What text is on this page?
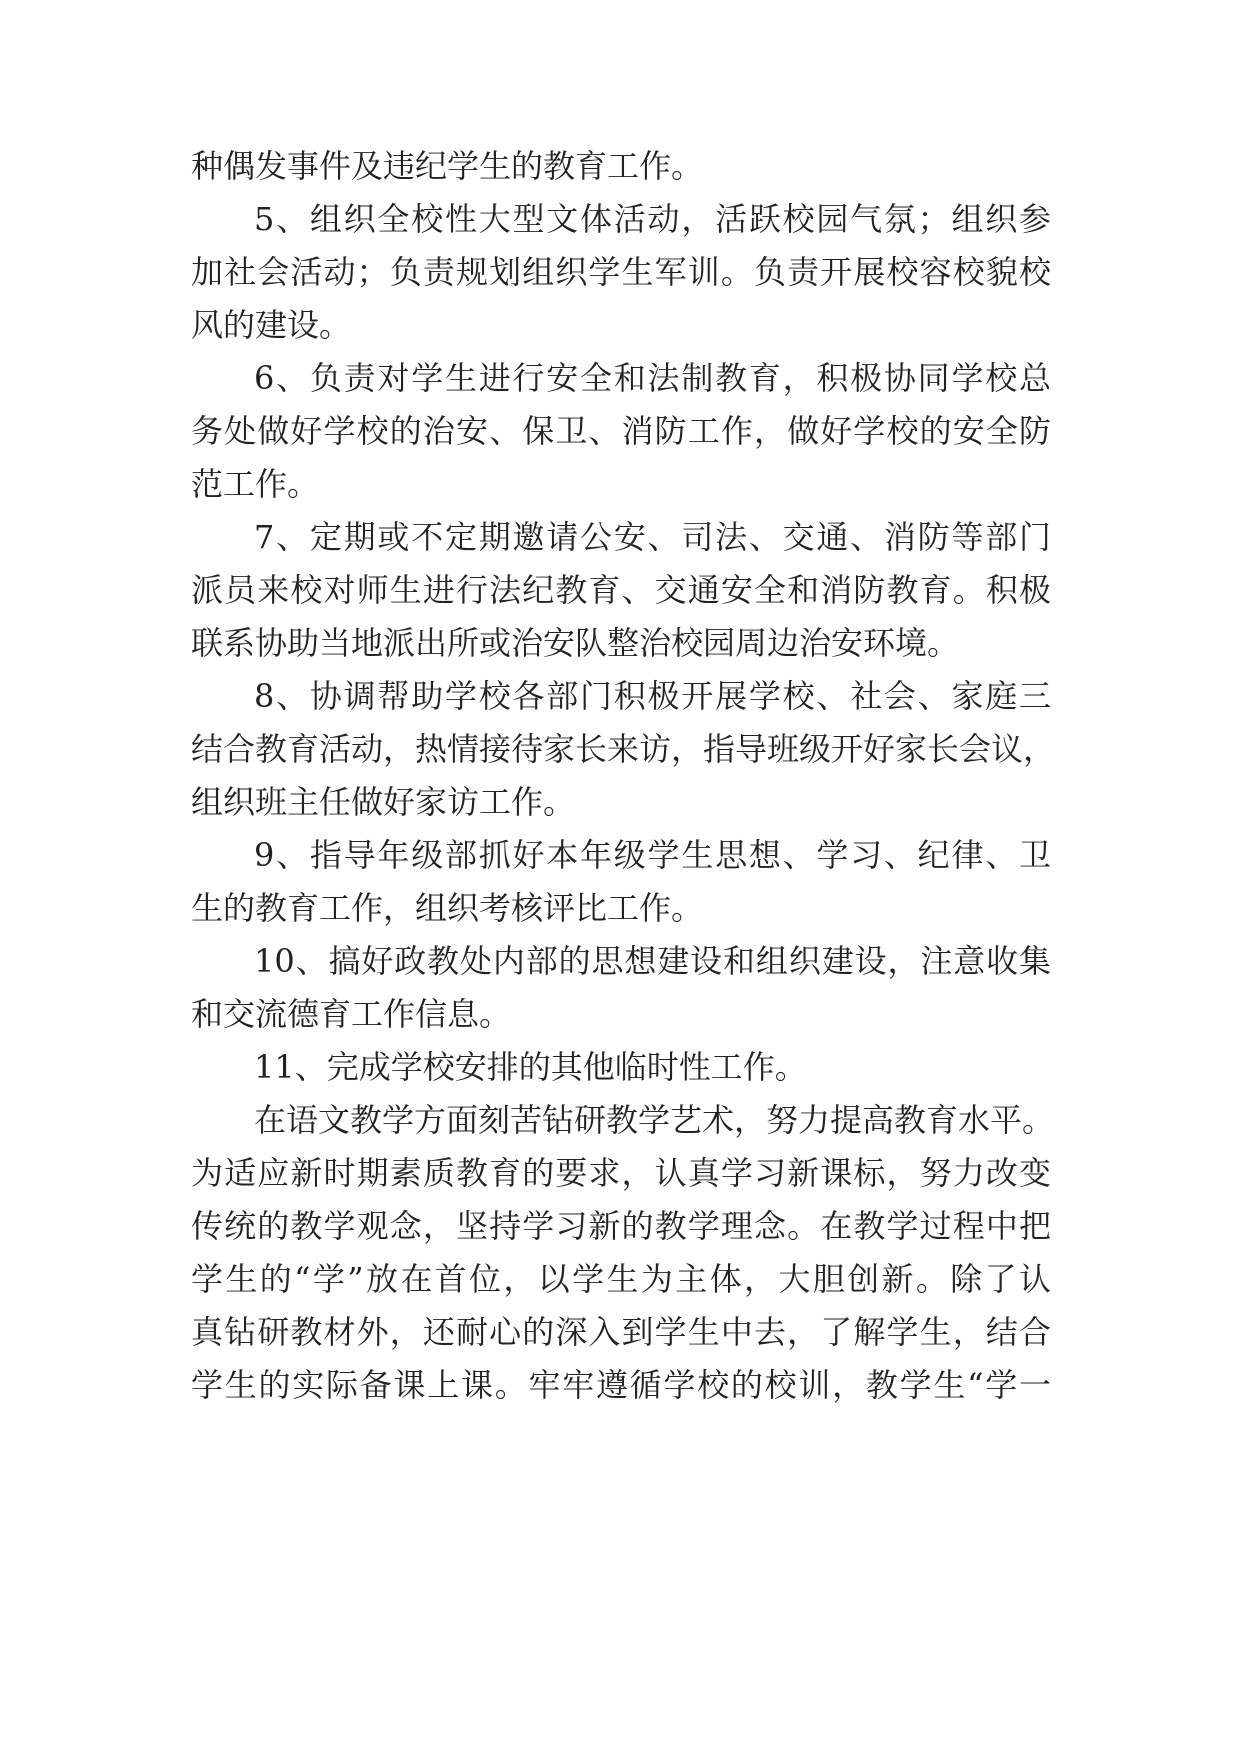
种偶发事件及违纪学生的教育工作。
5、组织全校性大型文体活动，活跃校园气氛；组织参
加社会活动；负责规划组织学生军训。负责开展校容校貌校
风的建设。
6、负责对学生进行安全和法制教育，积极协同学校总
务处做好学校的治安、保卫、消防工作，做好学校的安全防
范工作。
7、定期或不定期邀请公安、司法、交通、消防等部门
派员来校对师生进行法纪教育、交通安全和消防教育。积极
联系协助当地派出所或治安队整治校园周边治安环境。
8、协调帮助学校各部门积极开展学校、社会、家庭三
结合教育活动，热情接待家长来访，指导班级开好家长会议，
组织班主任做好家访工作。
9、指导年级部抓好本年级学生思想、学习、纪律、卫
生的教育工作，组织考核评比工作。
10、搞好政教处内部的思想建设和组织建设，注意收集
和交流德育工作信息。
11、完成学校安排的其他临时性工作。
在语文教学方面刻苦钻研教学艺术，努力提高教育水平。
为适应新时期素质教育的要求，认真学习新课标，努力改变
传统的教学观念，坚持学习新的教学理念。在教学过程中把
学生的“学”放在首位，以学生为主体，大胆创新。除了认
真钻研教材外，还耐心的深入到学生中去，了解学生，结合
学生的实际备课上课。牢牢遵循学校的校训，教学生“学一
